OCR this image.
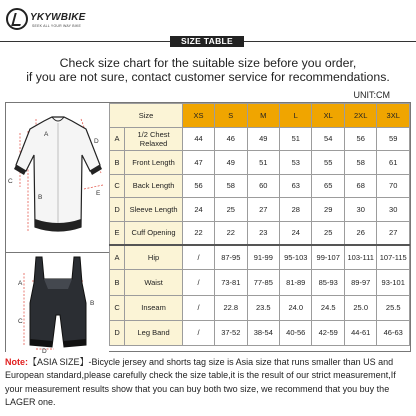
YKYWBIKE
SEEK ALL YOUR WAY BIKE
SIZE TABLE
Check size chart for the suitable size before you order,
if you are not sure, contact customer service for recommendations.
UNIT:CM
A
B
C
D
E
A
B
C
D
Size		XS	S	M	L	XL	2XL	3XL
A	1/2 Chest Relaxed	44	46	49	51	54	56	59
B	Front Length	47	49	51	53	55	58	61
C	Back Length	56	58	60	63	65	68	70
D	Sleeve Length	24	25	27	28	29	30	30
E	Cuff Opening	22	22	23	24	25	26	27
A	Hip	/	87-95	91-99	95-103	99-107	103-111	107-115
B	Waist	/	73-81	77-85	81-89	85-93	89-97	93-101
C	Inseam	/	22.8	23.5	24.0	24.5	25.0	25.5
D	Leg Band	/	37-52	38-54	40-56	42-59	44-61	46-63
Note:【ASIA SIZE】-Bicycle jersey and shorts tag size is Asia size that runs smaller than US and European standard,please carefully check the size table,it is the result of our strict measurement,If your measurement results show that you can buy both two size, we recommend that you buy the LAGER one.
